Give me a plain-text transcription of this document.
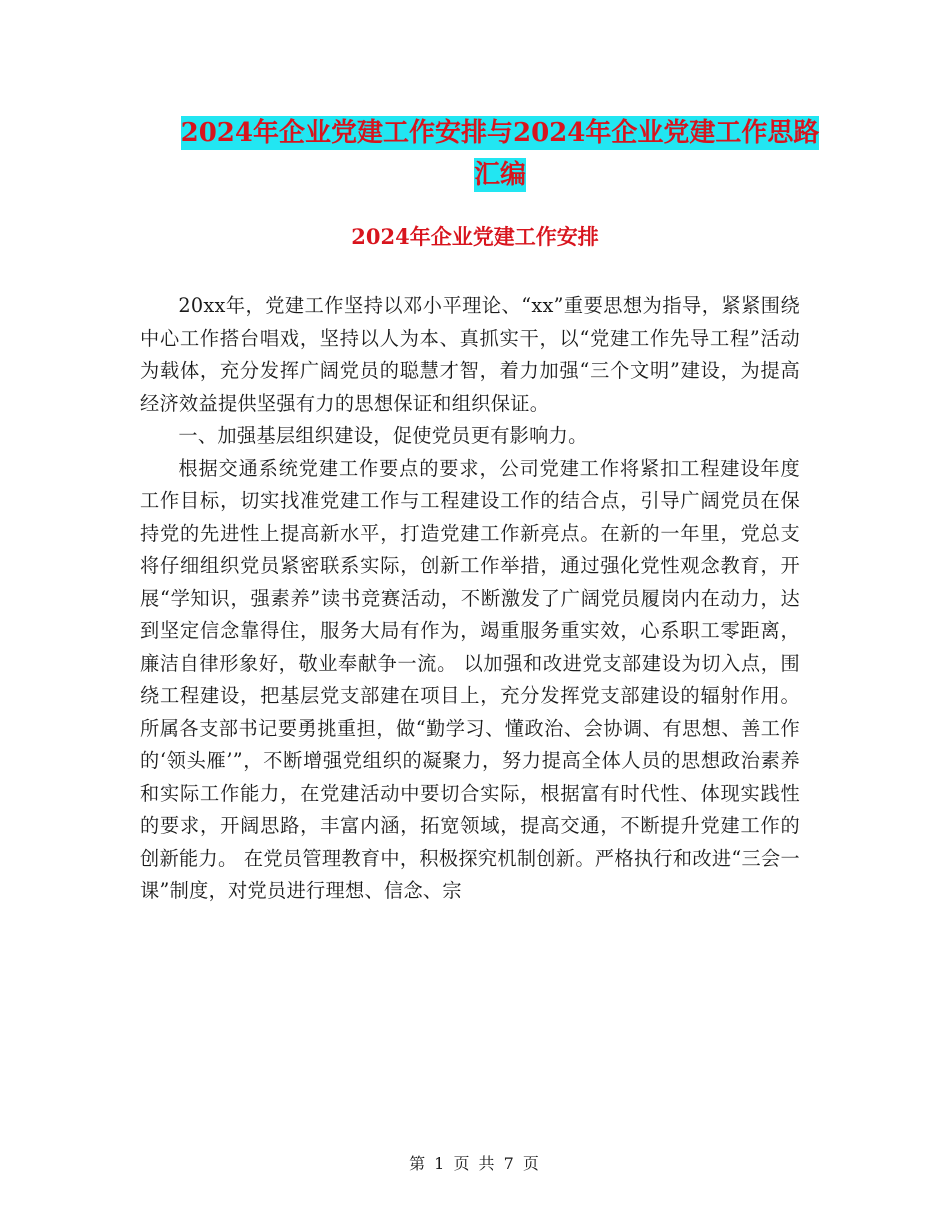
2024年企业党建工作安排与2024年企业党建工作思路
汇编
2024年企业党建工作安排

20xx年，党建工作坚持以邓小平理论、“xx”重要思想为指导，紧紧围绕中心工作搭台唱戏，坚持以人为本、真抓实干，以“党建工作先导工程”活动为载体，充分发挥广阔党员的聪慧才智，着力加强“三个文明”建设，为提高经济效益提供坚强有力的思想保证和组织保证。

一、加强基层组织建设，促使党员更有影响力。

根据交通系统党建工作要点的要求，公司党建工作将紧扣工程建设年度工作目标，切实找准党建工作与工程建设工作的结合点，引导广阔党员在保持党的先进性上提高新水平，打造党建工作新亮点。在新的一年里，党总支将仔细组织党员紧密联系实际，创新工作举措，通过强化党性观念教育，开展“学知识，强素养”读书竞赛活动，不断激发了广阔党员履岗内在动力，达到坚定信念靠得住，服务大局有作为，竭重服务重实效，心系职工零距离，廉洁自律形象好，敬业奉献争一流。 以加强和改进党支部建设为切入点，围绕工程建设，把基层党支部建在项目上，充分发挥党支部建设的辐射作用。所属各支部书记要勇挑重担，做“勤学习、懂政治、会协调、有思想、善工作的‘领头雁’”，不断增强党组织的凝聚力，努力提高全体人员的思想政治素养和实际工作能力，在党建活动中要切合实际，根据富有时代性、体现实践性的要求，开阔思路，丰富内涵，拓宽领域，提高交通，不断提升党建工作的创新能力。 在党员管理教育中，积极探究机制创新。严格执行和改进“三会一课”制度，对党员进行理想、信念、宗

第 1 页 共 7 页
